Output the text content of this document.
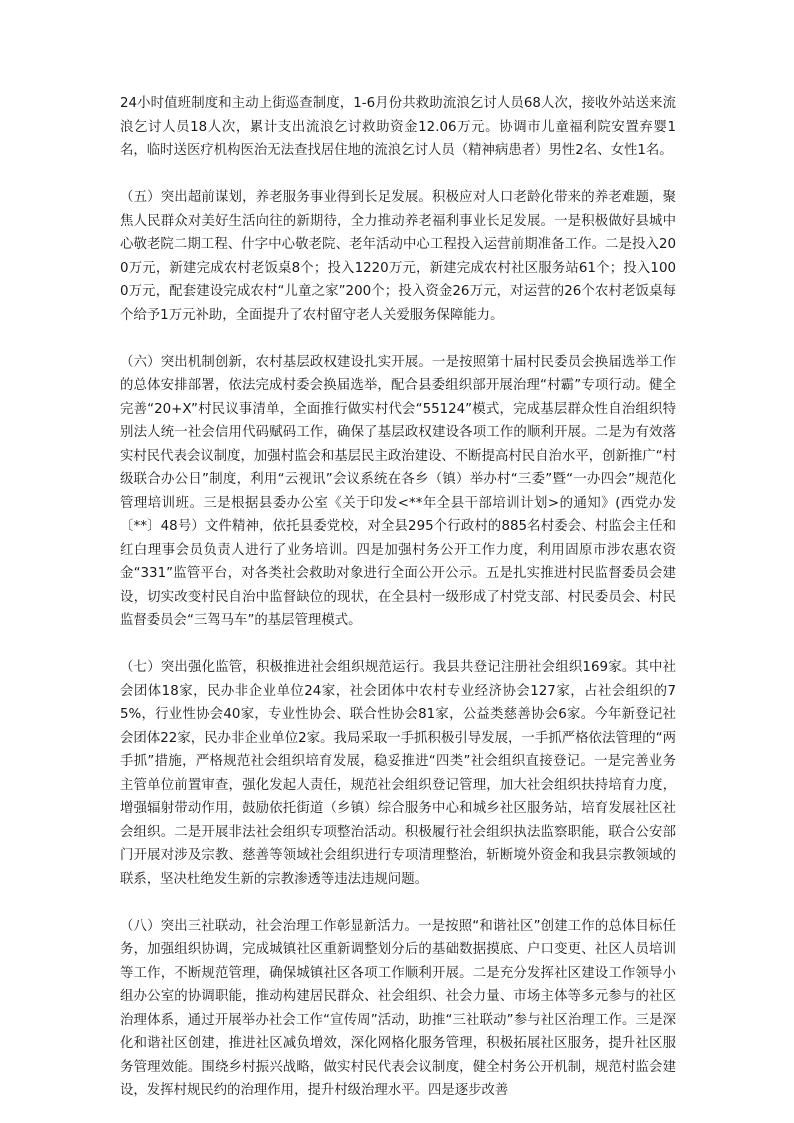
24小时值班制度和主动上街巡查制度，1-6月份共救助流浪乞讨人员68人次，接收外站送来流浪乞讨人员18人次，累计支出流浪乞讨救助资金12.06万元。协调市儿童福利院安置弃婴1名，临时送医疗机构医治无法查找居住地的流浪乞讨人员（精神病患者）男性2名、女性1名。

（五）突出超前谋划，养老服务事业得到长足发展。积极应对人口老龄化带来的养老难题，聚焦人民群众对美好生活向往的新期待，全力推动养老福利事业长足发展。一是积极做好县城中心敬老院二期工程、什字中心敬老院、老年活动中心工程投入运营前期准备工作。二是投入200万元，新建完成农村老饭桌8个；投入1220万元，新建完成农村社区服务站61个；投入1000万元，配套建设完成农村“儿童之家”200个；投入资金26万元，对运营的26个农村老饭桌每个给予1万元补助，全面提升了农村留守老人关爱服务保障能力。

（六）突出机制创新，农村基层政权建设扎实开展。一是按照第十届村民委员会换届选举工作的总体安排部署，依法完成村委会换届选举，配合县委组织部开展治理“村霸”专项行动。健全完善“20+X”村民议事清单，全面推行做实村代会“55124”模式，完成基层群众性自治组织特别法人统一社会信用代码赋码工作，确保了基层政权建设各项工作的顺利开展。二是为有效落实村民代表会议制度，加强村监会和基层民主政治建设、不断提高村民自治水平，创新推广“村级联合办公日”制度，利用“云视讯”会议系统在各乡（镇）举办村“三委”暨“一办四会”规范化管理培训班。三是根据县委办公室《关于印发<**年全县干部培训计划>的通知》(西党办发〔**〕48号）文件精神，依托县委党校，对全县295个行政村的885名村委会、村监会主任和红白理事会员负责人进行了业务培训。四是加强村务公开工作力度，利用固原市涉农惠农资金“331”监管平台，对各类社会救助对象进行全面公开公示。五是扎实推进村民监督委员会建设，切实改变村民自治中监督缺位的现状，在全县村一级形成了村党支部、村民委员会、村民监督委员会“三驾马车”的基层管理模式。

（七）突出强化监管，积极推进社会组织规范运行。我县共登记注册社会组织169家。其中社会团体18家，民办非企业单位24家，社会团体中农村专业经济协会127家，占社会组织的75%，行业性协会40家，专业性协会、联合性协会81家，公益类慈善协会6家。今年新登记社会团体22家，民办非企业单位2家。我局采取一手抓积极引导发展，一手抓严格依法管理的“两手抓”措施，严格规范社会组织培育发展，稳妥推进“四类”社会组织直接登记。一是完善业务主管单位前置审查，强化发起人责任，规范社会组织登记管理，加大社会组织扶持培育力度，增强辐射带动作用，鼓励依托街道（乡镇）综合服务中心和城乡社区服务站，培育发展社区社会组织。二是开展非法社会组织专项整治活动。积极履行社会组织执法监察职能，联合公安部门开展对涉及宗教、慈善等领域社会组织进行专项清理整治，斩断境外资金和我县宗教领域的联系，坚决杜绝发生新的宗教渗透等违法违规问题。

（八）突出三社联动，社会治理工作彰显新活力。一是按照“和谐社区”创建工作的总体目标任务，加强组织协调，完成城镇社区重新调整划分后的基础数据摸底、户口变更、社区人员培训等工作，不断规范管理，确保城镇社区各项工作顺利开展。二是充分发挥社区建设工作领导小组办公室的协调职能，推动构建居民群众、社会组织、社会力量、市场主体等多元参与的社区治理体系，通过开展举办社会工作“宣传周”活动，助推“三社联动”参与社区治理工作。三是深化和谐社区创建，推进社区减负增效，深化网格化服务管理，积极拓展社区服务，提升社区服务管理效能。围绕乡村振兴战略，做实村民代表会议制度，健全村务公开机制，规范村监会建设，发挥村规民约的治理作用，提升村级治理水平。四是逐步改善
